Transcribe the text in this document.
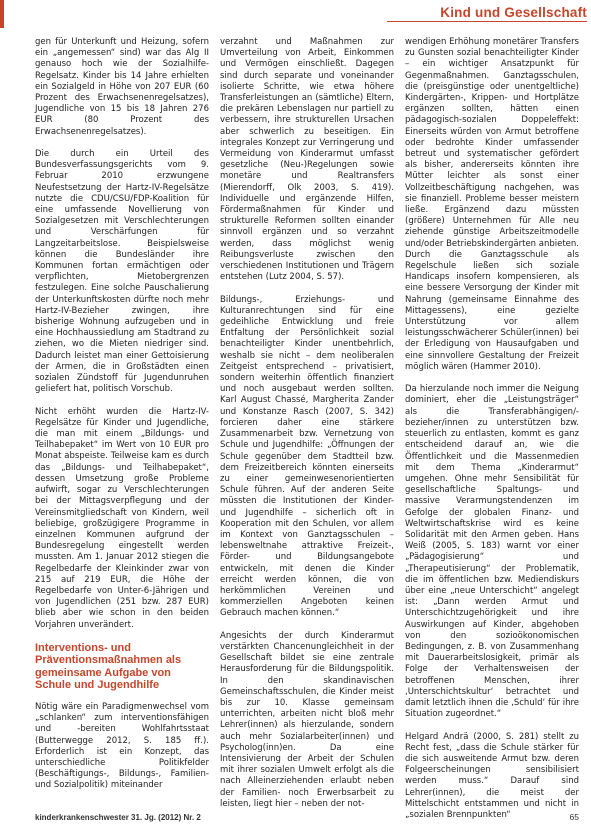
Kind und Gesellschaft

gen für Unterkunft und Heizung, sofern ein „angemessen“ sind) war das Alg II genauso hoch wie der Sozialhilfe-Regelsatz. Kinder bis 14 Jahre erhielten ein Sozialgeld in Höhe von 207 EUR (60 Prozent des Erwachsenenregelsatzes), Jugendliche von 15 bis 18 Jahren 276 EUR (80 Prozent des Erwachsenenregelsatzes).

Die durch ein Urteil des Bundesverfassungsgerichts vom 9. Februar 2010 erzwungene Neufestsetzung der Hartz-IV-Regelsätze nutzte die CDU/CSU/FDP-Koalition für eine umfassende Novellierung von Sozialgesetzen mit Verschlechterungen und Verschärfungen für Langzeitarbeitslose. Beispielsweise können die Bundesländer ihre Kommunen fortan ermächtigen oder verpflichten, Mietobergrenzen festzulegen. Eine solche Pauschalierung der Unterkunftskosten dürfte noch mehr Hartz-IV-Bezieher zwingen, ihre bisherige Wohnung aufzugeben und in eine Hochhaussiedlung am Stadtrand zu ziehen, wo die Mieten niedriger sind. Dadurch leistet man einer Gettoisierung der Armen, die in Großstädten einen sozialen Zündstoff für Jugendunruhen geliefert hat, politisch Vorschub.

Nicht erhöht wurden die Hartz-IV-Regelsätze für Kinder und Jugendliche, die man mit einem „Bildungs- und Teilhabepaket“ im Wert von 10 EUR pro Monat abspeiste. Teilweise kam es durch das „Bildungs- und Teilhabepaket“, dessen Umsetzung große Probleme aufwirft, sogar zu Verschlechterungen bei der Mittagsverpflegung und der Vereinsmitgliedschaft von Kindern, weil beliebige, großzügigere Programme in einzelnen Kommunen aufgrund der Bundesregelung eingestellt werden mussten. Am 1. Januar 2012 stiegen die Regelbedarfe der Kleinkinder zwar von 215 auf 219 EUR, die Höhe der Regelbedarfe von Unter-6-Jährigen und von Jugendlichen (251 bzw. 287 EUR) blieb aber wie schon in den beiden Vorjahren unverändert.

Interventions- und Präventionsmaßnahmen als gemeinsame Aufgabe von Schule und Jugendhilfe

Nötig wäre ein Paradigmenwechsel vom „schlanken“ zum interventionsfähigen und -bereiten Wohlfahrtsstaat (Butterwegge 2012, S. 185 ff.). Erforderlich ist ein Konzept, das unterschiedliche Politikfelder (Beschäftigungs-, Bildungs-, Familien- und Sozialpolitik) miteinander

verzahnt und Maßnahmen zur Umverteilung von Arbeit, Einkommen und Vermögen einschließt. Dagegen sind durch separate und voneinander isolierte Schritte, wie etwa höhere Transferleistungen an (sämtliche) Eltern, die prekären Lebenslagen nur partiell zu verbessern, ihre strukturellen Ursachen aber schwerlich zu beseitigen. Ein integrales Konzept zur Verringerung und Vermeidung von Kinderarmut umfasst gesetzliche (Neu-)Regelungen sowie monetäre und Realtransfers (Mierendorff, Olk 2003, S. 419). Individuelle und ergänzende Hilfen, Fördermaßnahmen für Kinder und strukturelle Reformen sollten einander sinnvoll ergänzen und so verzahnt werden, dass möglichst wenig Reibungsverluste zwischen den verschiedenen Institutionen und Trägern entstehen (Lutz 2004, S. 57).

Bildungs-, Erziehungs- und Kulturanrechtungen sind für eine gedeihliche Entwicklung und freie Entfaltung der Persönlichkeit sozial benachteiligter Kinder unentbehrlich, weshalb sie nicht – dem neoliberalen Zeitgeist entsprechend – privatisiert, sondern weiterhin öffentlich finanziert und noch ausgebaut werden sollten. Karl August Chassé, Margherita Zander und Konstanze Rasch (2007, S. 342) forcieren daher eine stärkere Zusammenarbeit bzw. Vernetzung von Schule und Jugendhilfe: „Öffnungen der Schule gegenüber dem Stadtteil bzw. dem Freizeitbereich könnten einerseits zu einer gemeinwesenorientierten Schule führen. Auf der anderen Seite müssten die Institutionen der Kinder- und Jugendhilfe – sicherlich oft in Kooperation mit den Schulen, vor allem im Kontext von Ganztagsschulen – lebensweltnahe attraktive Freizeit-, Förder- und Bildungsangebote entwickeln, mit denen die Kinder erreicht werden können, die von herkömmlichen Vereinen und kommerziellen Angeboten keinen Gebrauch machen können.“

Angesichts der durch Kinderarmut verstärkten Chancenungleichheit in der Gesellschaft bildet sie eine zentrale Herausforderung für die Bildungspolitik. In den skandinavischen Gemeinschaftsschulen, die Kinder meist bis zur 10. Klasse gemeinsam unterrichten, arbeiten nicht bloß mehr Lehrer(innen) als hierzulande, sondern auch mehr Sozialarbeiter(innen) und Psycholog(inn)en. Da eine Intensivierung der Arbeit der Schulen mit ihrer sozialen Umwelt erfolgt als die nach Alleinerziehenden erlaubt neben der Familien- noch Erwerbsarbeit zu leisten, liegt hier – neben der not-

wendigen Erhöhung monetärer Transfers zu Gunsten sozial benachteiligter Kinder – ein wichtiger Ansatzpunkt für Gegenmaßnahmen. Ganztagsschulen, die (preisgünstige oder unentgeltliche) Kindergärten-, Krippen- und Hortplätze ergänzen sollten, hätten einen pädagogisch-sozialen Doppeleffekt: Einerseits würden von Armut betroffene oder bedrohte Kinder umfassender betreut und systematischer gefördert als bisher, andererseits könnten ihre Mütter leichter als sonst einer Vollzeitbeschäftigung nachgehen, was sie finanziell. Probleme besser meistern ließe. Ergänzend dazu müssten (größere) Unternehmen für Alle neu ziehende günstige Arbeitszeitmodelle und/oder Betriebskindergärten anbieten. Durch die Ganztagsschule als Regelschule ließen sich soziale Handicaps insofern kompensieren, als eine bessere Versorgung der Kinder mit Nahrung (gemeinsame Einnahme des Mittagessens), eine gezielte Unterstützung vor allem leistungsschwächerer Schüler(innen) bei der Erledigung von Hausaufgaben und eine sinnvollere Gestaltung der Freizeit möglich wären (Hammer 2010).

Da hierzulande noch immer die Neigung dominiert, eher die „Leistungsträger“ als die Transferabhängigen/-bezieher/innen zu unterstützen bzw. steuerlich zu entlasten, kommt es ganz entscheidend darauf an, wie die Öffentlichkeit und die Massenmedien mit dem Thema „Kinderarmut“ umgehen. Ohne mehr Sensibilität für gesellschaftliche Spaltungs- und massive Verarmungstendenzen im Gefolge der globalen Finanz- und Weltwirtschaftskrise wird es keine Solidarität mit den Armen geben. Hans Weiß (2005, S. 183) warnt vor einer „Pädagogisierung“ und „Therapeutisierung“ der Problematik, die im öffentlichen bzw. Mediendiskurs über eine „neue Unterschicht“ angelegt ist: „Dann werden Armut und Unterschichtzugehörigkeit und ihre Auswirkungen auf Kinder, abgehoben von den sozioökonomischen Bedingungen, z. B. von Zusammenhang mit Dauerarbeitslosigkeit, primär als Folge der Verhaltensweisen der betroffenen Menschen, ihrer ‚Unterschichtskultur‘ betrachtet und damit letztlich ihnen die ‚Schuld‘ für ihre Situation zugeordnet.“

Helgard Andrä (2000, S. 281) stellt zu Recht fest, „dass die Schule stärker für die sich ausweitende Armut bzw. deren Folgeerscheinungen sensibilisiert werden muss.“ Darauf sind Lehrer(innen), die meist der Mittelschicht entstammen und nicht in „sozialen Brennpunkten“

kinderkrankenschwester 31. Jg. (2012) Nr. 2	65
